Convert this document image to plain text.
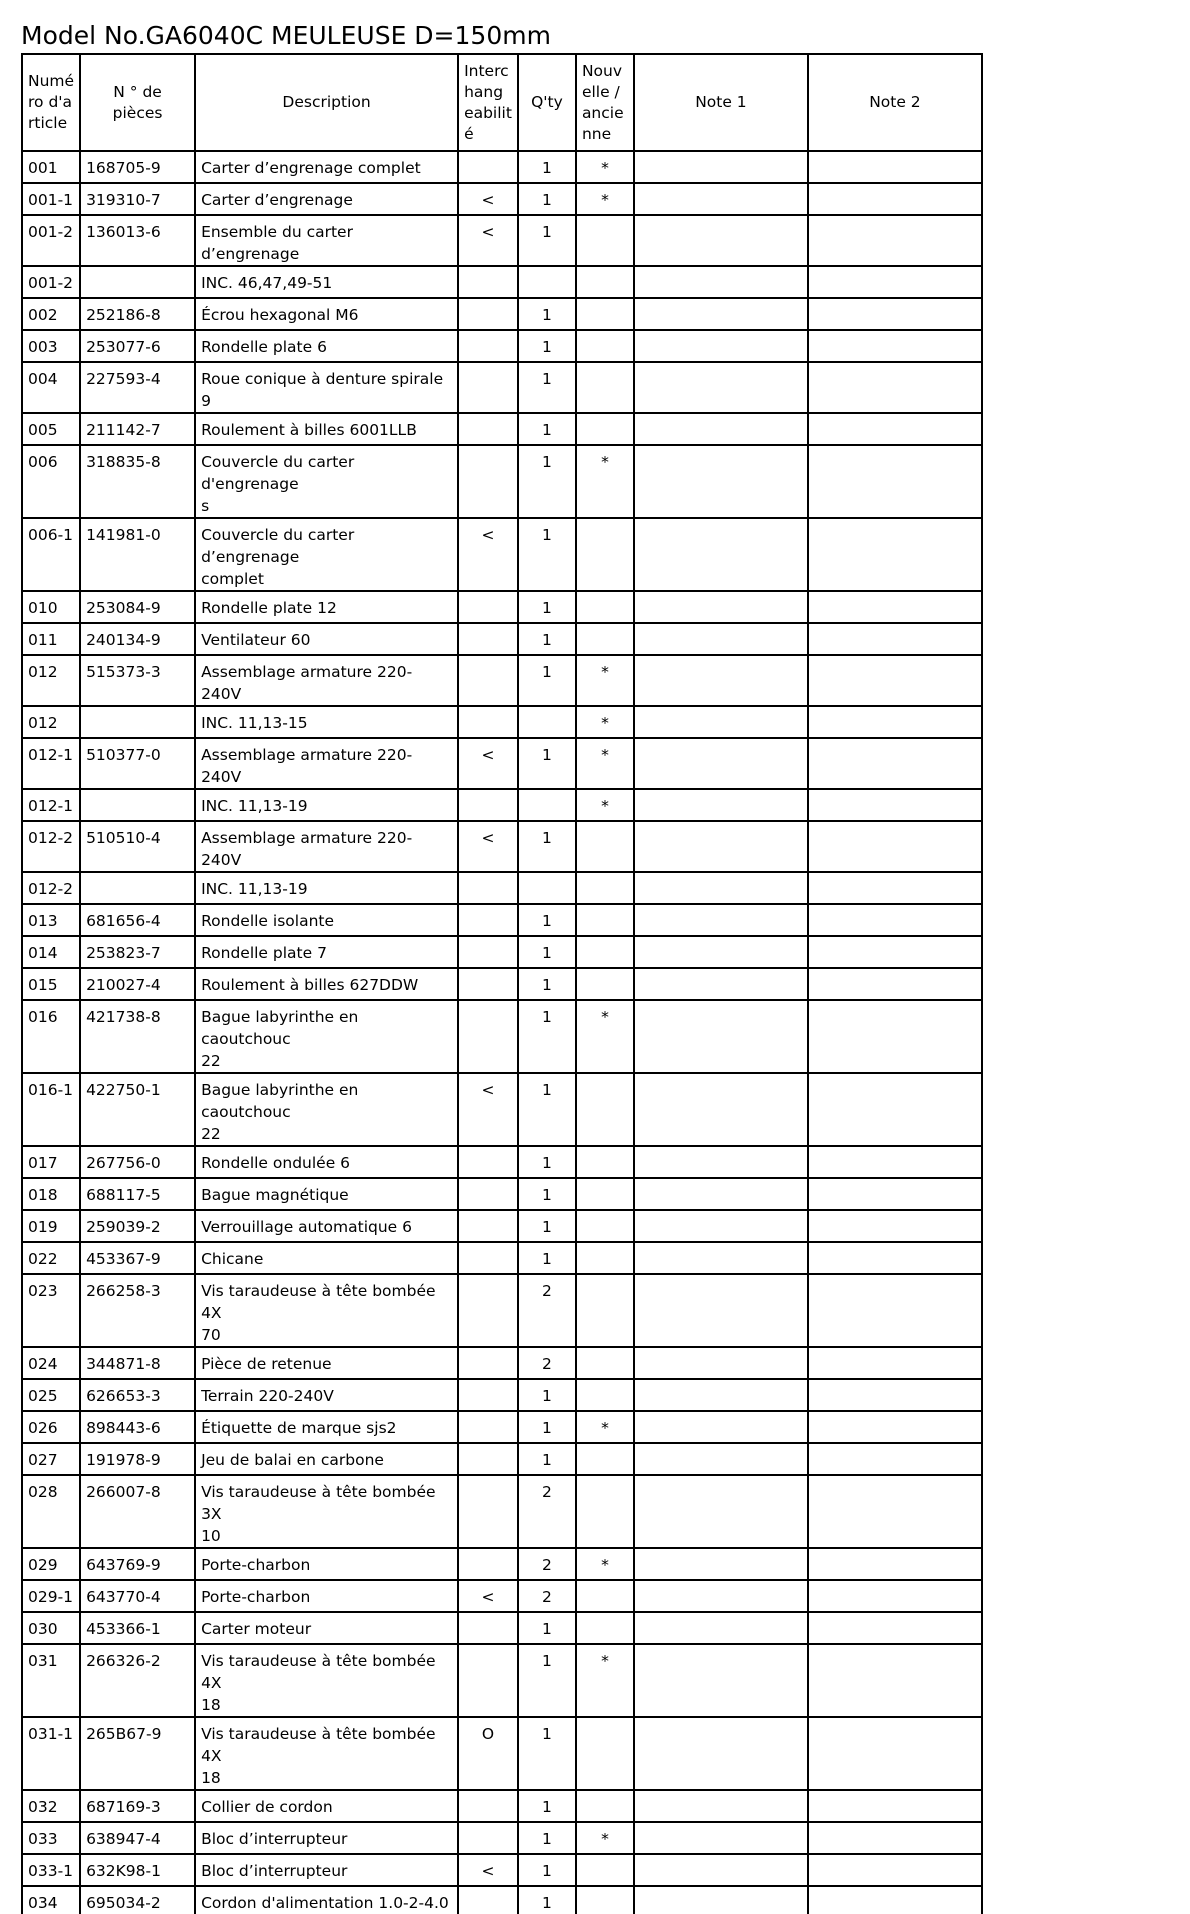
Model No.GA6040C MEULEUSE D=150mm
Numé
ro d'a
rticle	N ° de pièces	Description	Interc
hang
eabilit
é	Q'ty	Nouv
elle /
ancie
nne	Note 1	Note 2
001	168705-9	Carter d’engrenage complet		1	*		
001-1	319310-7	Carter d’engrenage	<	1	*		
001-2	136013-6	Ensemble du carter d’engrenage	<	1			
001-2		INC. 46,47,49-51					
002	252186-8	Écrou hexagonal M6		1			
003	253077-6	Rondelle plate 6		1			
004	227593-4	Roue conique à denture spirale 9		1			
005	211142-7	Roulement à billes 6001LLB		1			
006	318835-8	Couvercle du carter d'engrenage
s		1	*		
006-1	141981-0	Couvercle du carter d’engrenage
complet	<	1			
010	253084-9	Rondelle plate 12		1			
011	240134-9	Ventilateur 60		1			
012	515373-3	Assemblage armature 220-240V		1	*		
012		INC. 11,13-15			*		
012-1	510377-0	Assemblage armature 220-240V	<	1	*		
012-1		INC. 11,13-19			*		
012-2	510510-4	Assemblage armature 220-240V	<	1			
012-2		INC. 11,13-19					
013	681656-4	Rondelle isolante		1			
014	253823-7	Rondelle plate 7		1			
015	210027-4	Roulement à billes 627DDW		1			
016	421738-8	Bague labyrinthe en caoutchouc
22		1	*		
016-1	422750-1	Bague labyrinthe en caoutchouc
22	<	1			
017	267756-0	Rondelle ondulée 6		1			
018	688117-5	Bague magnétique		1			
019	259039-2	Verrouillage automatique 6		1			
022	453367-9	Chicane		1			
023	266258-3	Vis taraudeuse à tête bombée 4X
70		2			
024	344871-8	Pièce de retenue		2			
025	626653-3	Terrain 220-240V		1			
026	898443-6	Étiquette de marque sjs2		1	*		
027	191978-9	Jeu de balai en carbone		1			
028	266007-8	Vis taraudeuse à tête bombée 3X
10		2			
029	643769-9	Porte-charbon		2	*		
029-1	643770-4	Porte-charbon	<	2			
030	453366-1	Carter moteur		1			
031	266326-2	Vis taraudeuse à tête bombée 4X
18		1	*		
031-1	265B67-9	Vis taraudeuse à tête bombée 4X
18	O	1			
032	687169-3	Collier de cordon		1			
033	638947-4	Bloc d’interrupteur		1	*		
033-1	632K98-1	Bloc d’interrupteur	<	1			
034	695034-2	Cordon d'alimentation 1.0-2-4.0		1			
